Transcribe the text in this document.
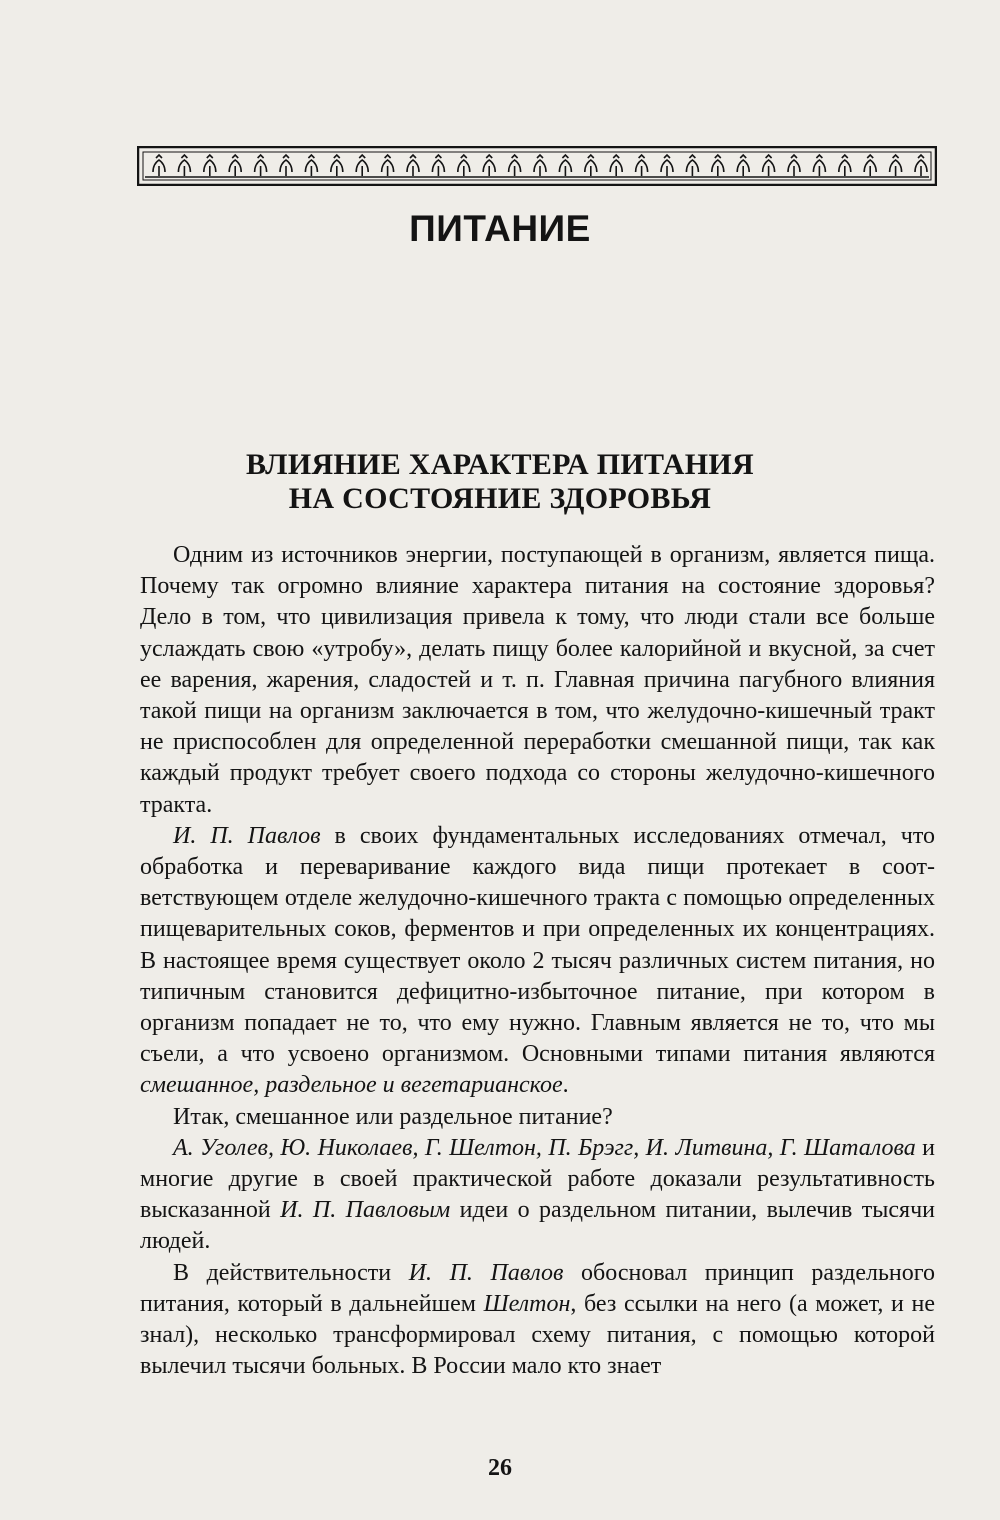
ПИТАНИЕ
ВЛИЯНИЕ ХАРАКТЕРА ПИТАНИЯ
НА СОСТОЯНИЕ ЗДОРОВЬЯ

Одним из источников энергии, поступающей в организм, является пища. Почему так огромно влияние характера питания на состояние здоровья? Дело в том, что цивилизация привела к тому, что люди стали все больше услаждать свою «утробу», делать пищу более калорийной и вкусной, за счет ее варения, жарения, сладостей и т. п. Главная причина пагубного влияния такой пищи на организм заключается в том, что желудочно-кишечный тракт не приспособлен для определенной переработки смешанной пищи, так как каждый продукт требует своего подхода со стороны желудочно-кишечного тракта.

И. П. Павлов в своих фундаментальных исследованиях отмечал, что обработка и переваривание каждого вида пищи протекает в соответствующем отделе желудочно-кишечного тракта с помощью определенных пищеварительных соков, ферментов и при определенных их концентрациях. В настоящее время существует около 2 тысяч различных систем питания, но типичным становится дефицитно-избыточное питание, при котором в организм попадает не то, что ему нужно. Главным является не то, что мы съели, а что усвоено организмом. Основными типами питания являются смешанное, раздельное и вегетарианское.

Итак, смешанное или раздельное питание?

А. Уголев, Ю. Николаев, Г. Шелтон, П. Брэгг, И. Литвина, Г. Шаталова и многие другие в своей практической работе доказали результативность высказанной И. П. Павловым идеи о раздельном питании, вылечив тысячи людей.

В действительности И. П. Павлов обосновал принцип раздельного питания, который в дальнейшем Шелтон, без ссылки на него (а может, и не знал), несколько трансформировал схему питания, с помощью которой вылечил тысячи больных. В России мало кто знает

26
